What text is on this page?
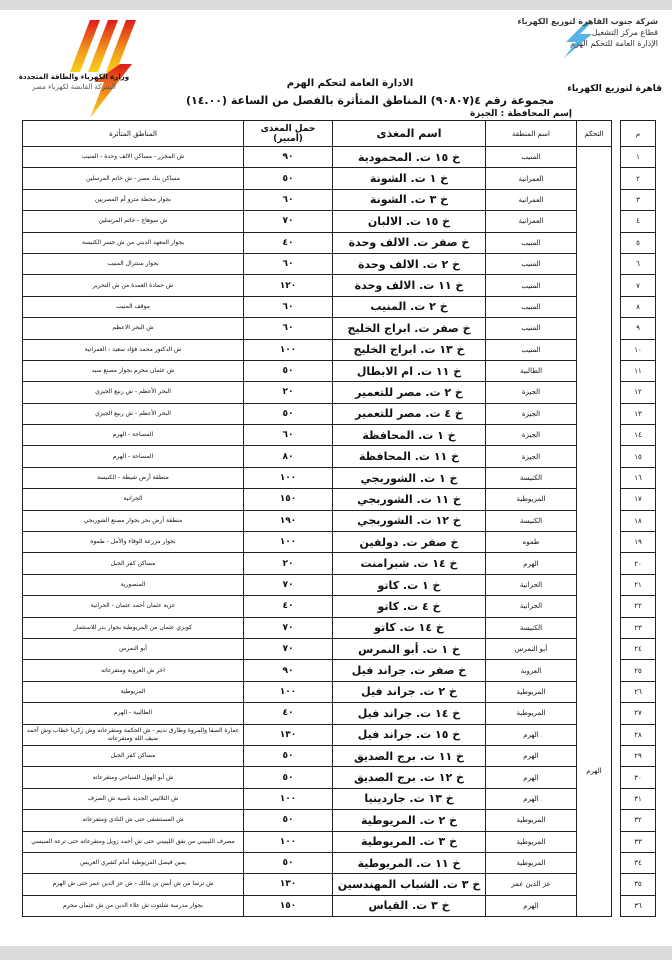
شركة جنوب القاهرة لتوزيع الكهرباء
قطاع مركز التشغيل
الإدارة العامة للتحكم الهرم
وزارة الكهرباء والطاقة المتجددة
الشركة القابضة لكهرباء مصر	قاهرة لتوزيع الكهرباء
الادارة العامة لتحكم الهرم
مجموعة رقم ٤(٩٠٨٠٧) المناطق المتأثرة بالفصل من الساعة (١٤.٠٠)
إسم المحافظة : الجيزة
م		التحكم	اسم المنطقة	اسم المغذى	حمل المغذى (أمبير)	المناطق المتأثرة
١		الهرم	المنيب	خ ١٥ ت. المحمودية	٩٠	ش المجزر - مساكن الالف وحدة - المنيب
٢			العمرانية	خ ١ ت. الشونة	٥٠	مساكن بنك مصر - ش خاتم المرسلين
٣			العمرانية	خ ٣ ت. الشونة	٦٠	بجوار محطة مترو أم المصريين
٤			العمرانية	خ ١٥ ت. الالبان	٧٠	ش سوهاج - خاتم المرسلين
٥			المنيب	خ صفر ت. الالف وحدة	٤٠	بجوار المعهد الديني من ش جسر الكنيسة
٦			المنيب	خ ٢ ت. الالف وحدة	٦٠	بجوار سنترال المنيب
٧			المنيب	خ ١١ ت. الالف وحدة	١٢٠	ش حمادة العمدة من ش التحرير
٨			المنيب	خ ٢ ت. المنيب	٦٠	موقف المنيب
٩			المنيب	خ صفر ت. ابراج الخليج	٦٠	ش البحر الاعظم
١٠			المنيب	خ ١٣ ت. ابراج الخليج	١٠٠	ش الدكتور محمد فؤاد سعيد - العمرانية
١١			الطالبية	خ ١١ ت. ام الابطال	٥٠	ش عثمان محرم بجوار مصنع سيد
١٢			الجيزة	خ ٢ ت. مصر للتعمير	٢٠	البحر الأعظم - ش ربيع الجيزي
١٣			الجيزة	خ ٤ ت. مصر للتعمير	٥٠	البحر الأعظم - ش ربيع الجيزي
١٤			الجيزة	خ ١ ت. المحافظة	٦٠	المساحة - الهرم
١٥			الجيزة	خ ١١ ت. المحافظة	٨٠	المساحة - الهرم
١٦			الكنيسة	خ ١ ت. الشوربجي	١٠٠	منطقة أرض شيطة - الكنيسة
١٧			المريوطية	خ ١١ ت. الشوربجي	١٥٠	الحرانية
١٨			الكنيسة	خ ١٢ ت. الشوربجي	١٩٠	منطقة أرض بحر بجوار مصنع الشوربجي
١٩			طموه	خ صفر ت. دولفين	١٠٠	بجوار مزرعة الوفاء والأمل - طموه
٢٠			الهرم	خ ١٤ ت. شبرامنت	٢٠	مساكن كفر الجبل
٢١			الحرانية	خ ١ ت. كاتو	٧٠	المنصورية
٢٢			الحرانية	خ ٤ ت. كاتو	٤٠	عزبة عثمان أحمد عثمان - الحرانية
٢٣			الكنيسة	خ ١٤ ت. كاتو	٧٠	كوبري عثمان من المريوطية بجوار بدر للاستثمار
٢٤			أبو النمرس	خ ١ ت. أبو النمرس	٧٠	أبو النمرس
٢٥			العروبة	خ صفر ت. جراند فيل	٩٠	اخر ش العروبة ومتفرعاته
٢٦			المريوطية	خ ٢ ت. جراند فيل	١٠٠	المريوطية
٢٧			المريوطية	خ ١٤ ت. جراند فيل	٤٠	الطالبية - الهرم
٢٨			الهرم	خ ١٥ ت. جراند فيل	١٣٠	عمارة الصفا والمروة وطارق نديم - ش الحكمة ومتفرعاته وش زكريا خطاب وش أحمد ضيف الله ومتفرعاته
٢٩			الهرم	خ ١١ ت. برج الصديق	٥٠	مساكن كفر الجبل
٣٠			الهرم	خ ١٢ ت. برج الصديق	٥٠	ش أبو الهول السياحي ومتفرعاته
٣١			الهرم	خ ١٣ ت. جاردينيا	١٠٠	ش الثلاثيني الجديد ناصية ش الصرف
٣٢			المريوطية	خ ٢ ت. المريوطية	٥٠	ش المستشفى حتى ش النادي ومتفرعاته
٣٣			المريوطية	خ ٣ ت. المريوطية	١٠٠	مصرف الليبيني من نفق الليبيني حتى ش أحمد زويل ومتفرعاته حتى ترعة السيسي
٣٤			المريوطية	خ ١١ ت. المريوطية	٥٠	يمين فيصل المريوطية أمام كشري العريس
٣٥			عز الدين عمر	خ ٣ ت. الشباب المهندسين	١٣٠	ش ترسا من ش أنس بن مالك - ش عز الدين عمر حتى ش الهرم
٣٦			الهرم	خ ٣ ت. القياس	١٥٠	بجوار مدرسة شلتوت ش علاء الدين من ش عثمان محرم
